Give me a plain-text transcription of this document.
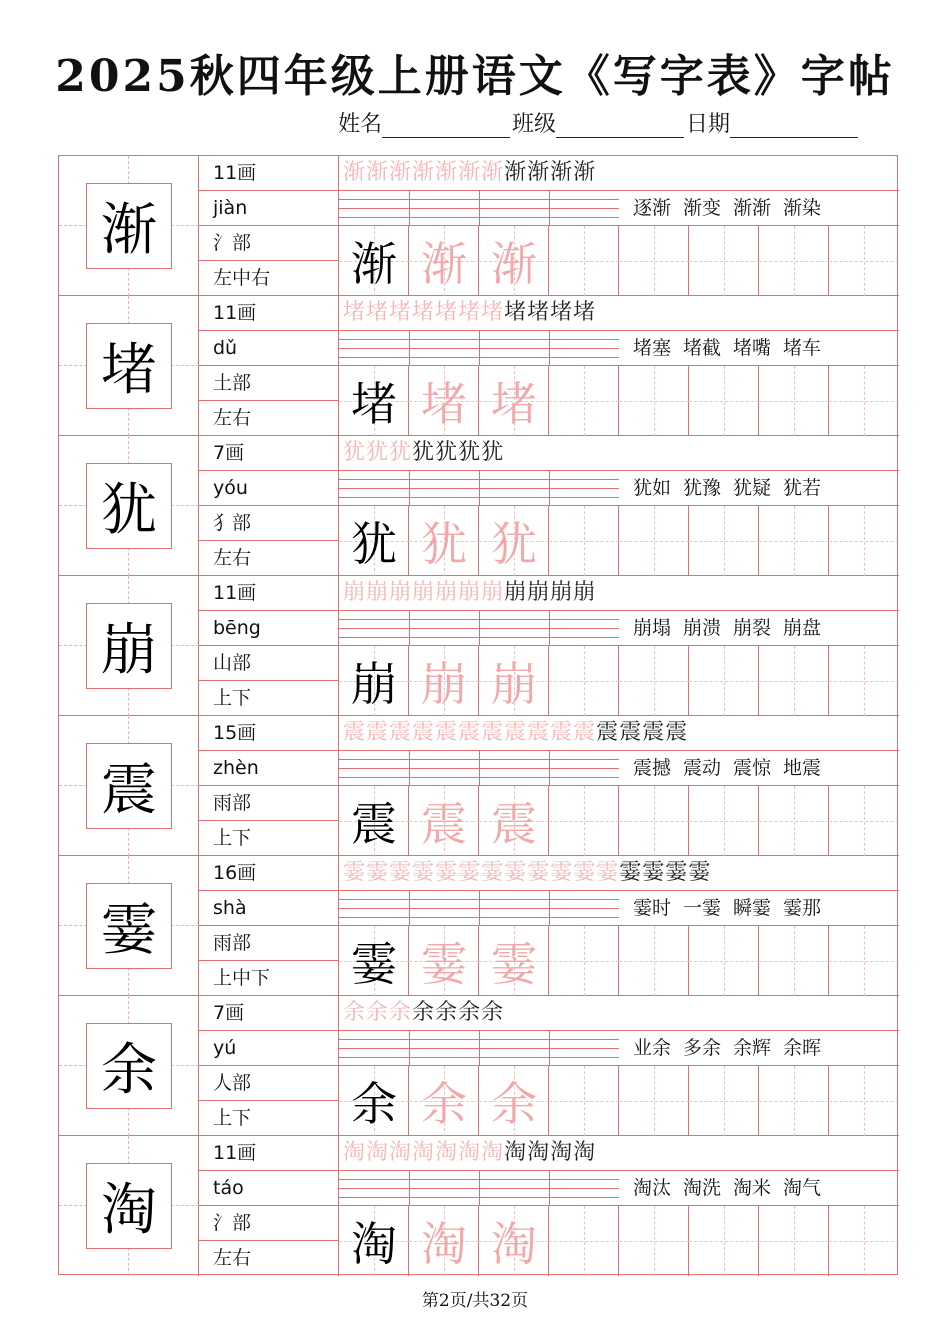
2025秋四年级上册语文《写字表》字帖
姓名	班级	日期
渐
11画
jiàn
氵部
左中右
渐渐渐渐渐渐渐渐渐渐渐
逐渐 渐变 渐渐 渐染
渐 渐 渐
堵
11画
dǔ
土部
左右
堵堵堵堵堵堵堵堵堵堵堵
堵塞 堵截 堵嘴 堵车
堵 堵 堵
犹
7画
yóu
犭部
左右
犹犹犹犹犹犹犹
犹如 犹豫 犹疑 犹若
犹 犹 犹
崩
11画
bēng
山部
上下
崩崩崩崩崩崩崩崩崩崩崩
崩塌 崩溃 崩裂 崩盘
崩 崩 崩
震
15画
zhèn
雨部
上下
震震震震震震震震震震震震震震震
震撼 震动 震惊 地震
震 震 震
霎
16画
shà
雨部
上中下
霎霎霎霎霎霎霎霎霎霎霎霎霎霎霎霎
霎时 一霎 瞬霎 霎那
霎 霎 霎
余
7画
yú
人部
上下
余余余余余余余
业余 多余 余辉 余晖
余 余 余
淘
11画
táo
氵部
左右
淘淘淘淘淘淘淘淘淘淘淘
淘汰 淘洗 淘米 淘气
淘 淘 淘
第2页/共32页
